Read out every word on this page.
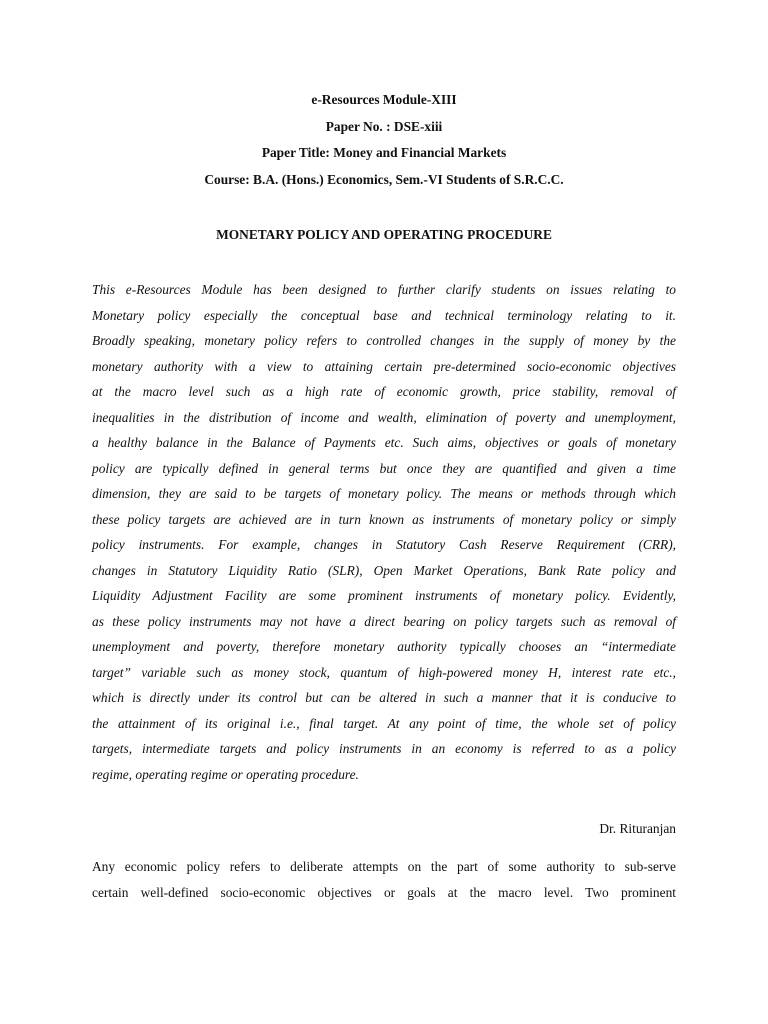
e-Resources Module-XIII
Paper No. : DSE-xiii
Paper Title: Money and Financial Markets
Course: B.A. (Hons.) Economics, Sem.-VI Students of S.R.C.C.
MONETARY POLICY AND OPERATING PROCEDURE
This e-Resources Module has been designed to further clarify students on issues relating to
Monetary policy especially the conceptual base and technical terminology relating to it.
Broadly speaking, monetary policy refers to controlled changes in the supply of money by the
monetary authority with a view to attaining certain pre-determined socio-economic objectives
at the macro level such as a high rate of economic growth, price stability, removal of
inequalities in the distribution of income and wealth, elimination of poverty and unemployment,
a healthy balance in the Balance of Payments etc. Such aims, objectives or goals of monetary
policy are typically defined in general terms but once they are quantified and given a time
dimension, they are said to be targets of monetary policy. The means or methods through which
these policy targets are achieved are in turn known as instruments of monetary policy or simply
policy instruments. For example, changes in Statutory Cash Reserve Requirement (CRR),
changes in Statutory Liquidity Ratio (SLR), Open Market Operations, Bank Rate policy and
Liquidity Adjustment Facility are some prominent instruments of monetary policy. Evidently,
as these policy instruments may not have a direct bearing on policy targets such as removal of
unemployment and poverty, therefore monetary authority typically chooses an “intermediate
target” variable such as money stock, quantum of high-powered money H, interest rate etc.,
which is directly under its control but can be altered in such a manner that it is conducive to
the attainment of its original i.e., final target. At any point of time, the whole set of policy
targets, intermediate targets and policy instruments in an economy is referred to as a policy
regime, operating regime or operating procedure.
Dr. Rituranjan
Any economic policy refers to deliberate attempts on the part of some authority to sub-serve
certain well-defined socio-economic objectives or goals at the macro level. Two prominent
